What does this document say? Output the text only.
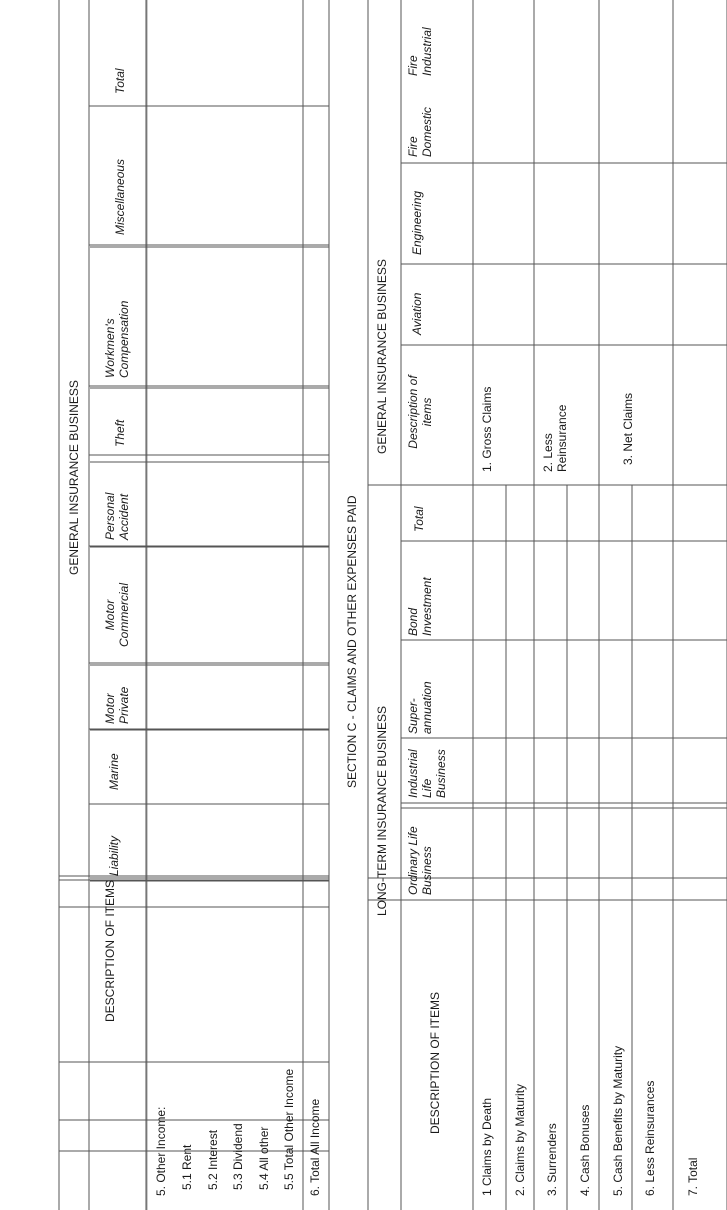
DESCRIPTION OF ITEMS
GENERAL INSURANCE BUSINESS
Liability
Marine
Motor Private
Motor Commercial
Personal Accident
Theft
Workmen's Compensation
Miscellaneous
Total
5. Other Income: 5.1 Rent 5.2 Interest 5.3 Dividend 5.4 All other 5.5 Total Other Income 6. Total All Income
SECTION C - CLAIMS AND OTHER EXPENSES PAID
LONG-TERM INSURANCE BUSINESS
DESCRIPTION OF ITEMS
Ordinary Life Business
Industrial Life Business
Super-annuation
Bond Investment
Total
1 Claims by Death 2. Claims by Maturity 3. Surrenders 4. Cash Bonuses 5. Cash Benefits by Maturity 6. Less Reinsurances 7. Total
GENERAL INSURANCE BUSINESS Description of items
Aviation
Engineering
Fire Domestic
Fire Industrial
1. Gross Claims	2. Less Reinsurance	3. Net Claims
